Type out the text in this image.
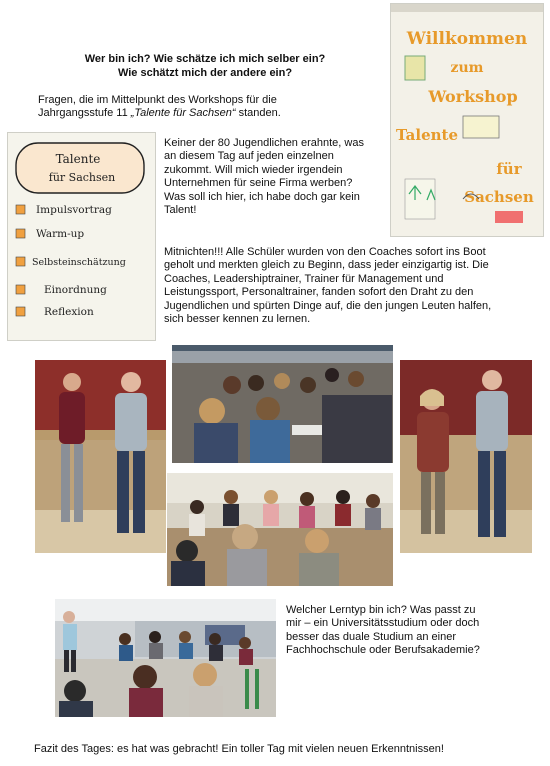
Wer bin ich? Wie schätze ich mich selber ein?
Wie schätzt mich der andere ein?
Fragen, die im Mittelpunkt des Workshops für die Jahrgangsstufe 11 „Talente für Sachsen“ standen.
Willkommen
zum
Workshop
Talente
für
Sachsen
Talente
für Sachsen
Impulsvortrag
Warm-up
Selbsteinschätzung
Einordnung
Reflexion
Keiner der 80 Jugendlichen erahnte, was an diesem Tag auf jeden einzelnen zukommt. Will mich wieder irgendein Unternehmen für seine Firma werben? Was soll ich hier, ich habe doch gar kein Talent!
Mitnichten!!! Alle Schüler wurden von den Coaches sofort ins Boot geholt und merkten gleich zu Beginn, dass jeder einzigartig ist. Die Coaches, Leadershiptrainer, Trainer für Management und Leistungssport, Personaltrainer, fanden sofort den Draht zu den Jugendlichen und spürten Dinge auf, die den jungen Leuten halfen, sich besser kennen zu lernen.
Welcher Lerntyp bin ich? Was passt zu mir – ein Universitätsstudium oder doch besser das duale Studium an einer Fachhochschule oder Berufsakademie?
Fazit des Tages: es hat was gebracht! Ein toller Tag mit vielen neuen Erkenntnissen!
